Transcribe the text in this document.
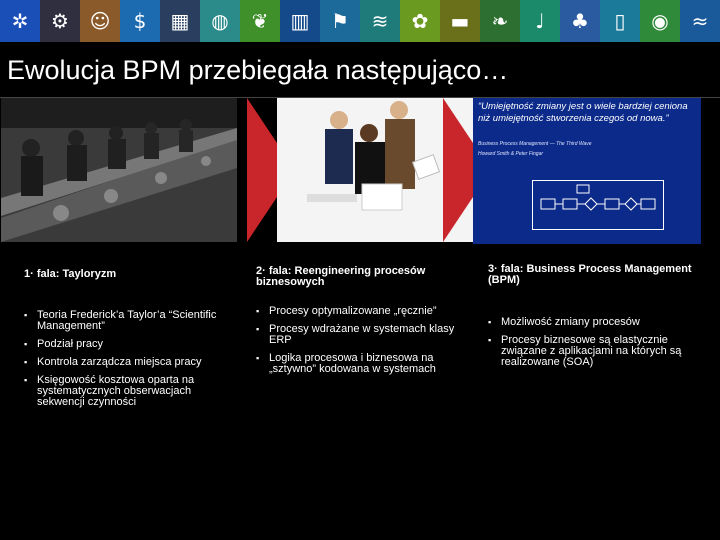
✲ ⚙ ☺ $ ▦ ◍ ❦ ▥ ⚑ ≋ ✿ ▬ ❧ ♩ ♣ ▯ ◉ ≈
Ewolucja BPM przebiegała następująco…
“Umiejętność zmiany jest o wiele bardziej ceniona niż umiejętność stworzenia czegoś od nowa.”
Business Process Management — The Third Wave
Howard Smith & Peter Fingar
1· fala: Tayloryzm
▪ Teoria Frederick’a Taylor’a “Scientific Management”
▪ Podział pracy
▪ Kontrola zarządcza miejsca pracy
▪ Księgowość kosztowa oparta na systematycznych obserwacjach sekwencji czynności
2· fala: Reengineering procesów biznesowych
▪ Procesy optymalizowane „ręcznie”
▪ Procesy wdrażane w systemach klasy ERP
▪ Logika procesowa i biznesowa na „sztywno” kodowana w systemach
3· fala: Business Process Management (BPM)
▪ Możliwość zmiany procesów
▪ Procesy biznesowe są elastycznie związane z aplikacjami na których są realizowane (SOA)
